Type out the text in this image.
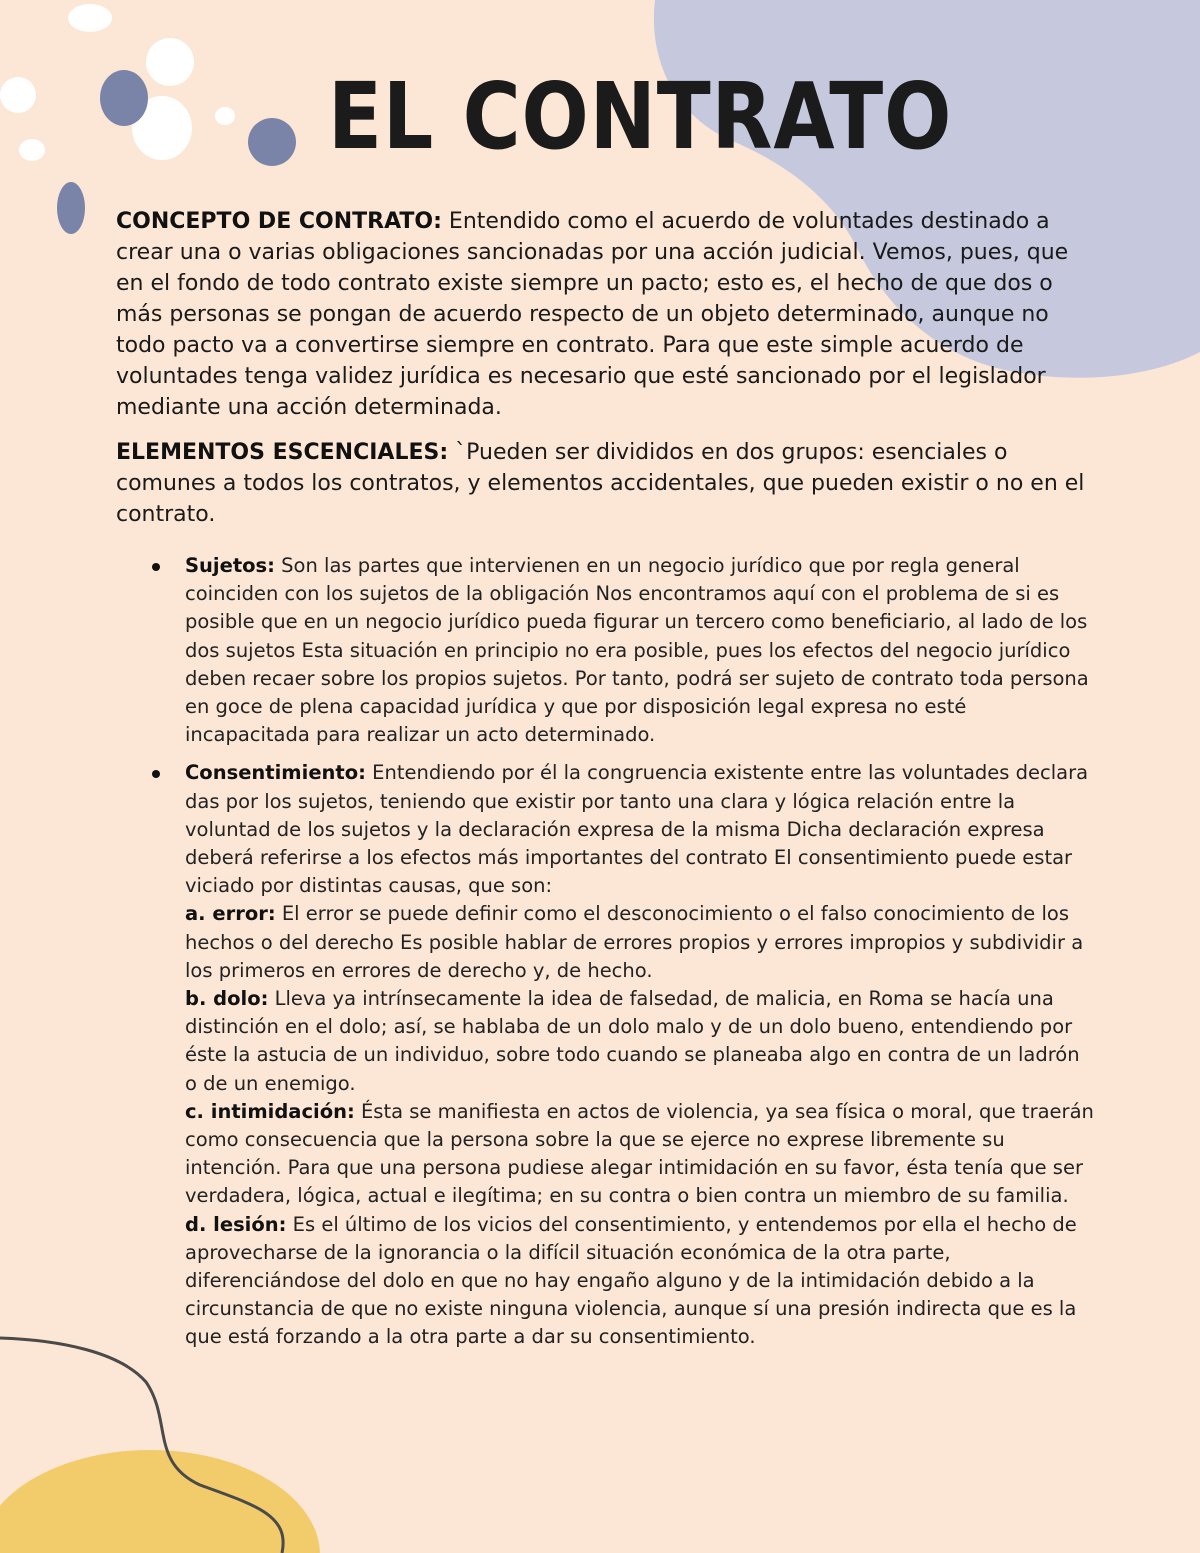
EL CONTRATO

CONCEPTO DE CONTRATO: Entendido como el acuerdo de voluntades destinado a crear una o varias obligaciones sancionadas por una acción judicial. Vemos, pues, que en el fondo de todo contrato existe siempre un pacto; esto es, el hecho de que dos o más personas se pongan de acuerdo respecto de un objeto determinado, aunque no todo pacto va a convertirse siempre en contrato. Para que este simple acuerdo de voluntades tenga validez jurídica es necesario que esté sancionado por el legislador mediante una acción determinada.

ELEMENTOS ESCENCIALES: `Pueden ser divididos en dos grupos: esenciales o comunes a todos los contratos, y elementos accidentales, que pueden existir o no en el contrato.

Sujetos: Son las partes que intervienen en un negocio jurídico que por regla general coinciden con los sujetos de la obligación Nos encontramos aquí con el problema de si es posible que en un negocio jurídico pueda figurar un tercero como beneficiario, al lado de los dos sujetos Esta situación en principio no era posible, pues los efectos del negocio jurídico deben recaer sobre los propios sujetos. Por tanto, podrá ser sujeto de contrato toda persona en goce de plena capacidad jurídica y que por disposición legal expresa no esté incapacitada para realizar un acto determinado.
Consentimiento: Entendiendo por él la congruencia existente entre las voluntades declara das por los sujetos, teniendo que existir por tanto una clara y lógica relación entre la voluntad de los sujetos y la declaración expresa de la misma Dicha declaración expresa deberá referirse a los efectos más importantes del contrato El consentimiento puede estar viciado por distintas causas, que son:
a. error: El error se puede definir como el desconocimiento o el falso conocimiento de los hechos o del derecho Es posible hablar de errores propios y errores impropios y subdividir a los primeros en errores de derecho y, de hecho.
b. dolo: Lleva ya intrínsecamente la idea de falsedad, de malicia, en Roma se hacía una distinción en el dolo; así, se hablaba de un dolo malo y de un dolo bueno, entendiendo por éste la astucia de un individuo, sobre todo cuando se planeaba algo en contra de un ladrón o de un enemigo.
c. intimidación: Ésta se manifiesta en actos de violencia, ya sea física o moral, que traerán como consecuencia que la persona sobre la que se ejerce no exprese libremente su intención. Para que una persona pudiese alegar intimidación en su favor, ésta tenía que ser verdadera, lógica, actual e ilegítima; en su contra o bien contra un miembro de su familia.
d. lesión: Es el último de los vicios del consentimiento, y entendemos por ella el hecho de aprovecharse de la ignorancia o la difícil situación económica de la otra parte, diferenciándose del dolo en que no hay engaño alguno y de la intimidación debido a la circunstancia de que no existe ninguna violencia, aunque sí una presión indirecta que es la que está forzando a la otra parte a dar su consentimiento.
